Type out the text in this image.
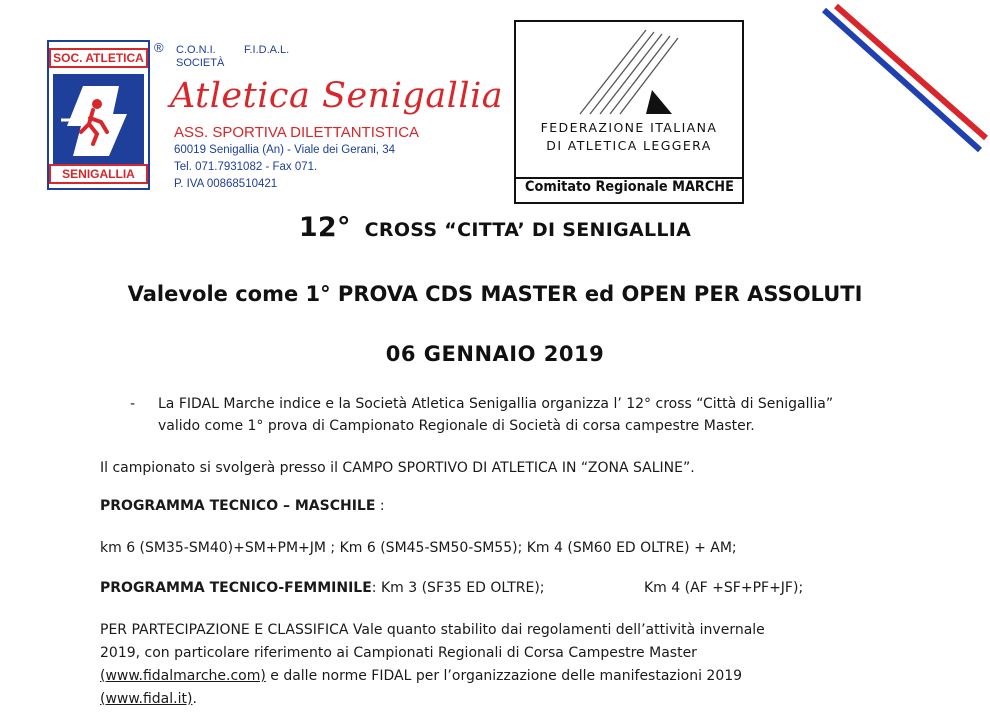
SOC. ATLETICA
SENIGALLIA
® C.O.N.I.
SOCIETÀ
F.I.D.A.L.
Atletica Senigallia
ASS. SPORTIVA DILETTANTISTICA
60019 Senigallia (An) - Viale dei Gerani, 34
Tel. 071.7931082 - Fax 071.
P. IVA 00868510421
FEDERAZIONE ITALIANA
DI ATLETICA LEGGERA
Comitato Regionale MARCHE
12° CROSS “CITTA’ DI SENIGALLIA
Valevole come 1° PROVA CDS MASTER ed OPEN PER ASSOLUTI
06 GENNAIO 2019
- La FIDAL Marche indice e la Società Atletica Senigallia organizza l’ 12° cross “Città di Senigallia”
valido come 1° prova di Campionato Regionale di Società di corsa campestre Master.
Il campionato si svolgerà presso il CAMPO SPORTIVO DI ATLETICA IN “ZONA SALINE”.
PROGRAMMA TECNICO – MASCHILE :
km 6 (SM35-SM40)+SM+PM+JM ; Km 6 (SM45-SM50-SM55); Km 4 (SM60 ED OLTRE) + AM;
PROGRAMMA TECNICO-FEMMINILE: Km 3 (SF35 ED OLTRE);	Km 4 (AF +SF+PF+JF);
PER PARTECIPAZIONE E CLASSIFICA Vale quanto stabilito dai regolamenti dell’attività invernale
2019, con particolare riferimento ai Campionati Regionali di Corsa Campestre Master
(www.fidalmarche.com) e dalle norme FIDAL per l’organizzazione delle manifestazioni 2019
(www.fidal.it).
